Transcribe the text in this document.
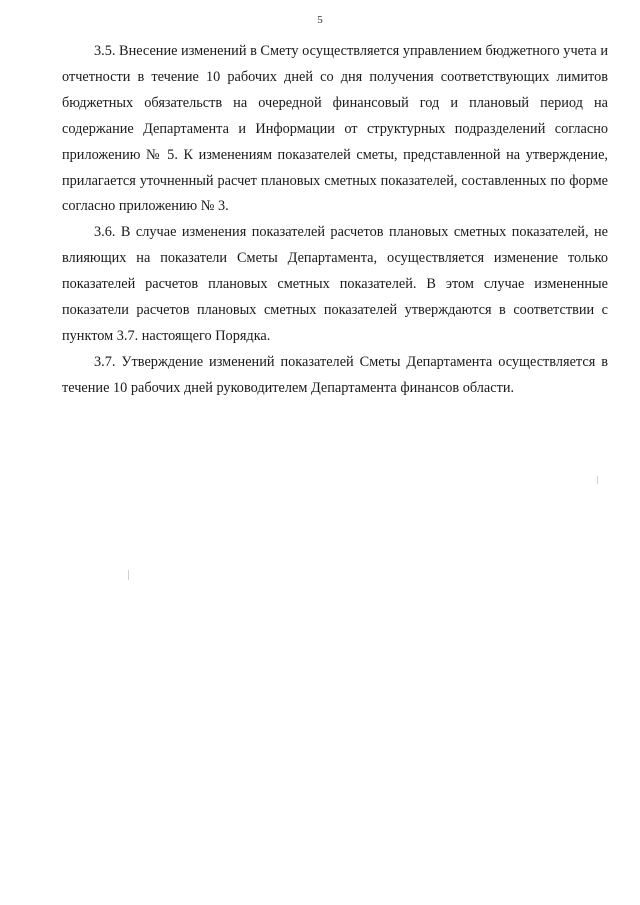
5

3.5. Внесение изменений в Смету осуществляется управлением бюджетного учета и отчетности в течение 10 рабочих дней со дня получения соответствующих лимитов бюджетных обязательств на очередной финансовый год и плановый период на содержание Департамента и Информации от структурных подразделений согласно приложению № 5. К изменениям показателей сметы, представленной на утверждение, прилагается уточненный расчет плановых сметных показателей, составленных по форме согласно приложению № 3.

3.6. В случае изменения показателей расчетов плановых сметных показателей, не влияющих на показатели Сметы Департамента, осуществляется изменение только показателей расчетов плановых сметных показателей. В этом случае измененные показатели расчетов плановых сметных показателей утверждаются в соответствии с пунктом 3.7. настоящего Порядка.

3.7. Утверждение изменений показателей Сметы Департамента осуществляется в течение 10 рабочих дней руководителем Департамента финансов области.
